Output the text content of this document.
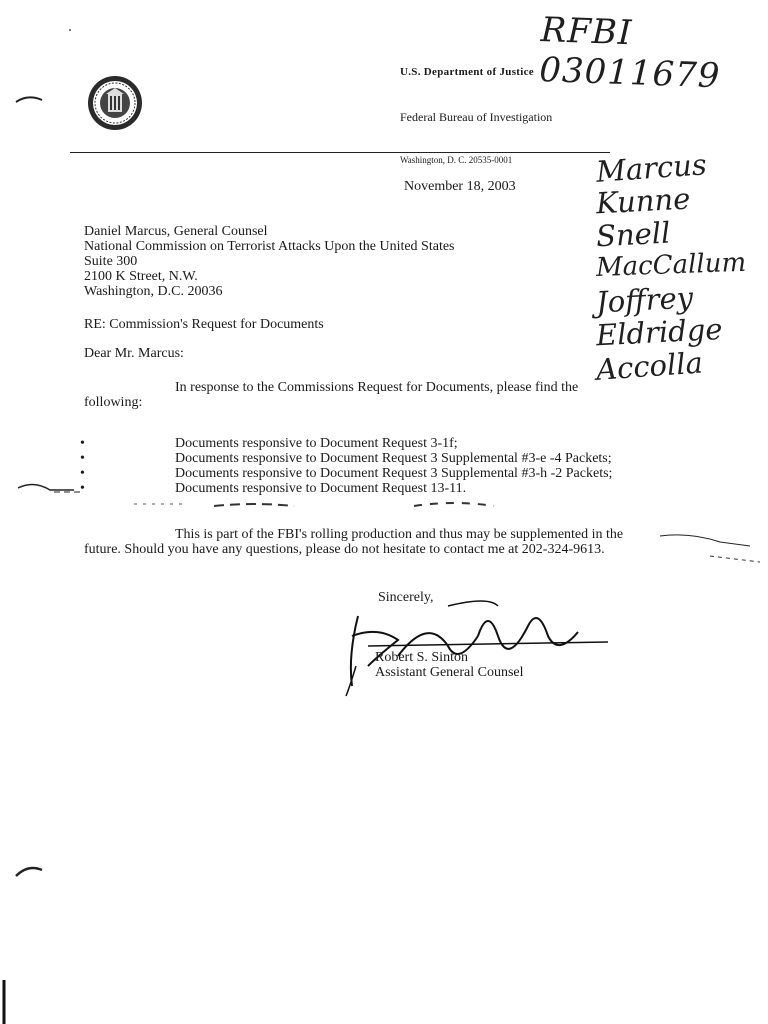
RFBI 03011679
U.S. Department of Justice
Federal Bureau of Investigation
Washington, D. C. 20535-0001
November 18, 2003
Daniel Marcus, General Counsel
National Commission on Terrorist Attacks Upon the United States
Suite 300
2100 K Street, N.W.
Washington, D.C. 20036
RE: Commission's Request for Documents
Dear Mr. Marcus:
In response to the Commissions Request for Documents, please find the
following:
•	Documents responsive to Document Request 3-1f;
•	Documents responsive to Document Request 3 Supplemental #3-e -4 Packets;
•	Documents responsive to Document Request 3 Supplemental #3-h -2 Packets;
•	Documents responsive to Document Request 13-11.
This is part of the FBI's rolling production and thus may be supplemented in the
future. Should you have any questions, please do not hesitate to contact me at 202-324-9613.
Sincerely,
Robert S. Sinton
Assistant General Counsel
Marcus
Kunne
Snell
MacCallum
Joffrey
Eldridge
Accolla
